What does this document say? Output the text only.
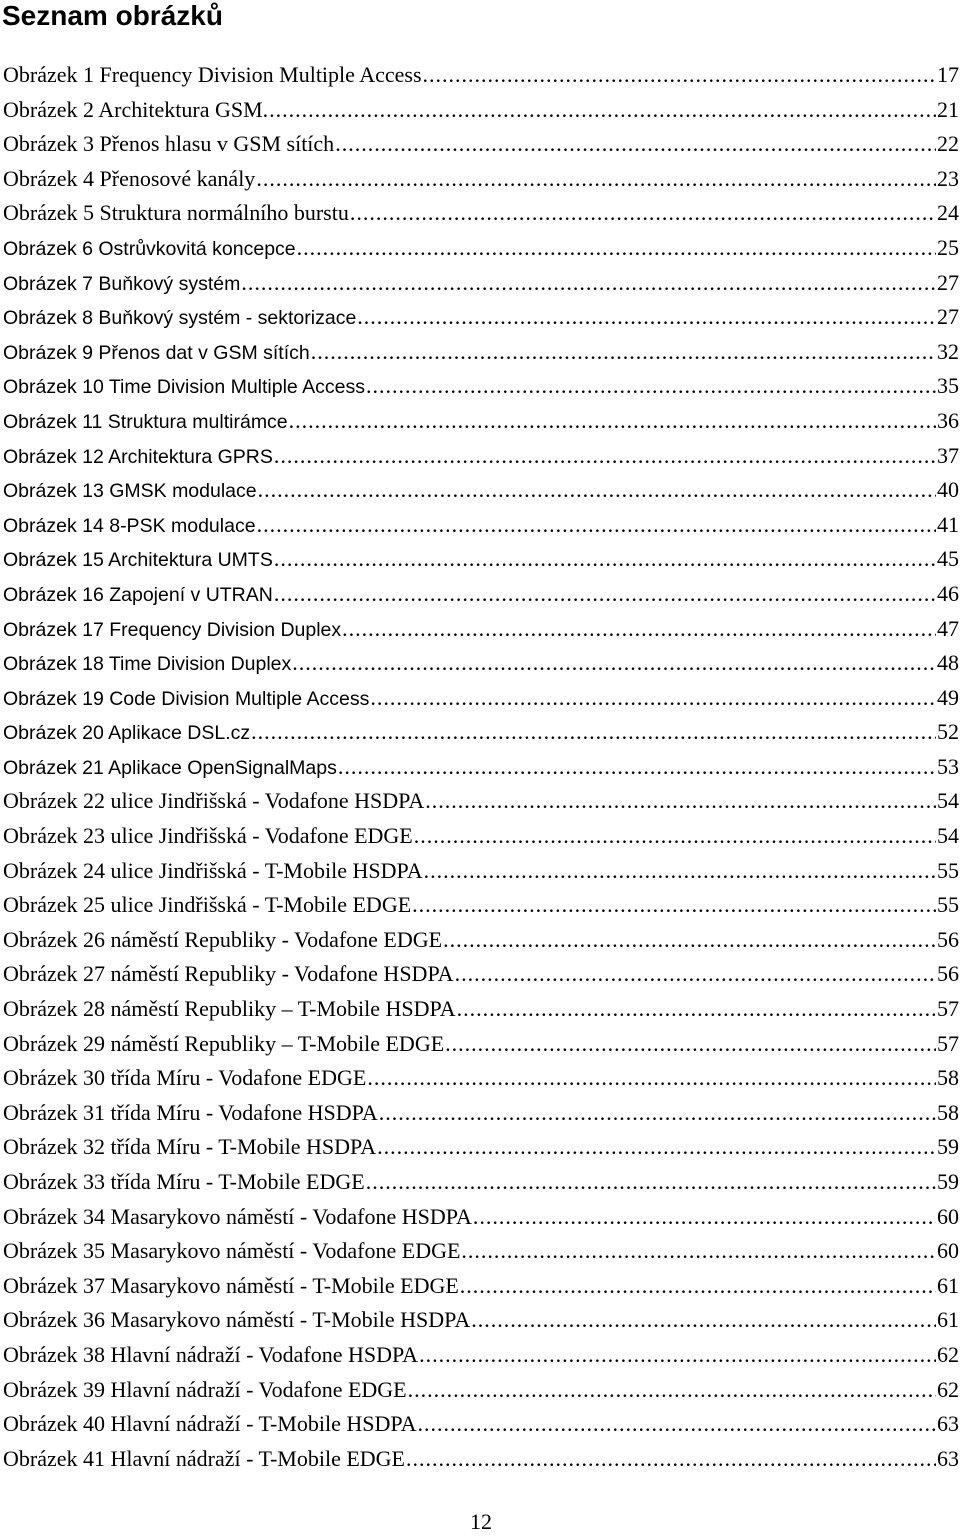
Seznam obrázků
Obrázek 1 Frequency Division Multiple Access .....	17
Obrázek 2 Architektura GSM. .....	21
Obrázek 3 Přenos hlasu v GSM sítích .....	22
Obrázek 4 Přenosové kanály .....	23
Obrázek 5 Struktura normálního burstu .....	24
Obrázek 6 Ostrůvkovitá koncepce .....	25
Obrázek 7 Buňkový systém .....	27
Obrázek 8 Buňkový systém - sektorizace .....	27
Obrázek 9 Přenos dat v GSM sítích .....	32
Obrázek 10 Time Division Multiple Access .....	35
Obrázek 11 Struktura multirámce .....	36
Obrázek 12 Architektura GPRS .....	37
Obrázek 13 GMSK modulace .....	40
Obrázek 14 8-PSK modulace .....	41
Obrázek 15 Architektura UMTS .....	45
Obrázek 16 Zapojení v UTRAN .....	46
Obrázek 17 Frequency Division Duplex .....	47
Obrázek 18 Time Division Duplex .....	48
Obrázek 19 Code Division Multiple Access .....	49
Obrázek 20 Aplikace DSL.cz .....	52
Obrázek 21 Aplikace OpenSignalMaps .....	53
Obrázek 22 ulice Jindřišská - Vodafone HSDPA .....	54
Obrázek 23 ulice Jindřišská - Vodafone EDGE .....	54
Obrázek 24 ulice Jindřišská - T-Mobile HSDPA .....	55
Obrázek 25 ulice Jindřišská - T-Mobile EDGE .....	55
Obrázek 26 náměstí Republiky - Vodafone EDGE .....	56
Obrázek 27 náměstí Republiky - Vodafone HSDPA .....	56
Obrázek 28 náměstí Republiky – T-Mobile HSDPA .....	57
Obrázek 29 náměstí Republiky – T-Mobile EDGE .....	57
Obrázek 30 třída Míru - Vodafone EDGE .....	58
Obrázek 31 třída Míru - Vodafone HSDPA .....	58
Obrázek 32 třída Míru - T-Mobile HSDPA .....	59
Obrázek 33 třída Míru - T-Mobile EDGE .....	59
Obrázek 34 Masarykovo náměstí - Vodafone HSDPA .....	60
Obrázek 35 Masarykovo náměstí - Vodafone EDGE .....	60
Obrázek 37 Masarykovo náměstí - T-Mobile EDGE .....	61
Obrázek 36 Masarykovo náměstí - T-Mobile HSDPA .....	61
Obrázek 38 Hlavní nádraží - Vodafone HSDPA .....	62
Obrázek 39 Hlavní nádraží - Vodafone EDGE .....	62
Obrázek 40 Hlavní nádraží - T-Mobile HSDPA .....	63
Obrázek 41 Hlavní nádraží - T-Mobile EDGE .....	63
12
